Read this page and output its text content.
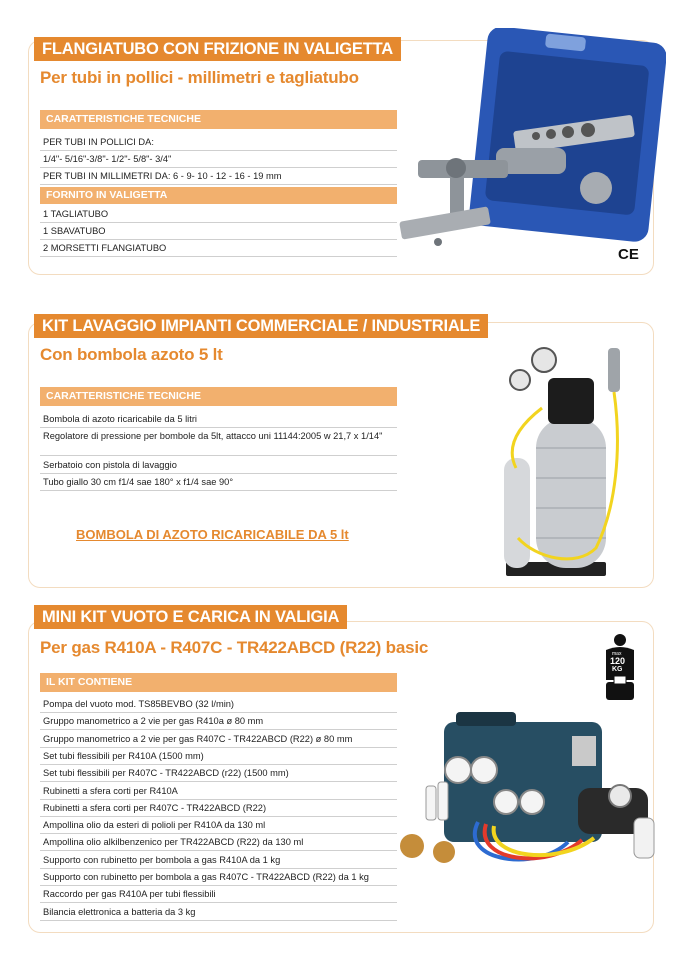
FLANGIATUBO CON FRIZIONE IN VALIGETTA
Per tubi in pollici - millimetri e tagliatubo
CARATTERISTICHE TECNICHE
PER TUBI IN POLLICI DA:
1/4"- 5/16"-3/8"- 1/2"- 5/8"- 3/4"
PER TUBI IN MILLIMETRI DA: 6 - 9- 10 - 12 - 16 - 19 mm
FORNITO IN VALIGETTA
1 TAGLIATUBO
1 SBAVATUBO
2 MORSETTI FLANGIATUBO	CE
KIT LAVAGGIO IMPIANTI COMMERCIALE / INDUSTRIALE
Con bombola azoto 5 lt
CARATTERISTICHE TECNICHE
Bombola di azoto ricaricabile da 5 litri
Regolatore di pressione per bombole da 5lt, attacco uni 11144:2005 w 21,7 x 1/14"
Serbatoio con pistola di lavaggio
Tubo giallo 30 cm f1/4 sae 180° x f1/4 sae 90°
BOMBOLA DI AZOTO RICARICABILE DA 5 lt
MINI KIT VUOTO E CARICA IN VALIGIA
Per gas R410A - R407C - TR422ABCD (R22) basic
IL KIT CONTIENE
Pompa del vuoto mod. TS85BEVBO (32 l/min)
Gruppo manometrico a 2 vie per gas R410a ø 80 mm
Gruppo manometrico a 2 vie per gas R407C - TR422ABCD (R22) ø 80 mm
Set tubi flessibili per R410A (1500 mm)
Set tubi flessibili per R407C - TR422ABCD (r22) (1500 mm)
Rubinetti a sfera corti per R410A
Rubinetti a sfera corti per R407C - TR422ABCD (R22)
Ampollina olio da esteri di polioli per R410A da 130 ml
Ampollina olio alkilbenzenico per TR422ABCD (R22) da 130 ml
Supporto con rubinetto per bombola a gas R410A da 1 kg
Supporto con rubinetto per bombola a gas R407C - TR422ABCD (R22) da 1 kg
Raccordo per gas R410A per tubi flessibili
Bilancia elettronica a batteria da 3 kg
max
120
KG
